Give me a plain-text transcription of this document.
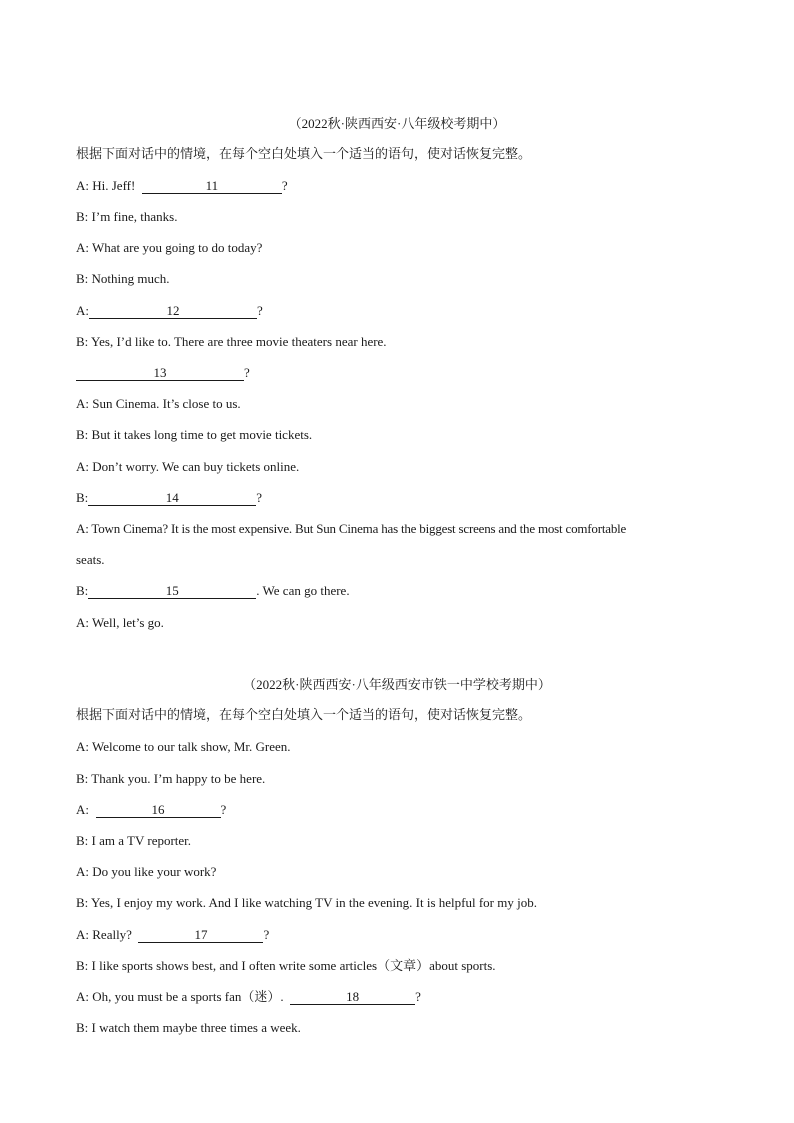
（2022秋·陕西西安·八年级校考期中）
根据下面对话中的情境，在每个空白处填入一个适当的语句，使对话恢复完整。
A: Hi. Jeff!	11	?
B: I’m fine, thanks.
A: What are you going to do today?
B: Nothing much.
A:	12	?
B: Yes, I’d like to. There are three movie theaters near here.
13	?
A: Sun Cinema. It’s close to us.
B: But it takes long time to get movie tickets.
A: Don’t worry. We can buy tickets online.
B:	14	?
A: Town Cinema? It is the most expensive. But Sun Cinema has the biggest screens and the most comfortable
seats.
B:	15	. We can go there.
A: Well, let’s go.
（2022秋·陕西西安·八年级西安市铁一中学校考期中）
根据下面对话中的情境，在每个空白处填入一个适当的语句，使对话恢复完整。
A: Welcome to our talk show, Mr. Green.
B: Thank you. I’m happy to be here.
A:	16	?
B: I am a TV reporter.
A: Do you like your work?
B: Yes, I enjoy my work. And I like watching TV in the evening. It is helpful for my job.
A: Really?	17	?
B: I like sports shows best, and I often write some articles（文章）about sports.
A: Oh, you must be a sports fan（迷）.	18	?
B: I watch them maybe three times a week.
